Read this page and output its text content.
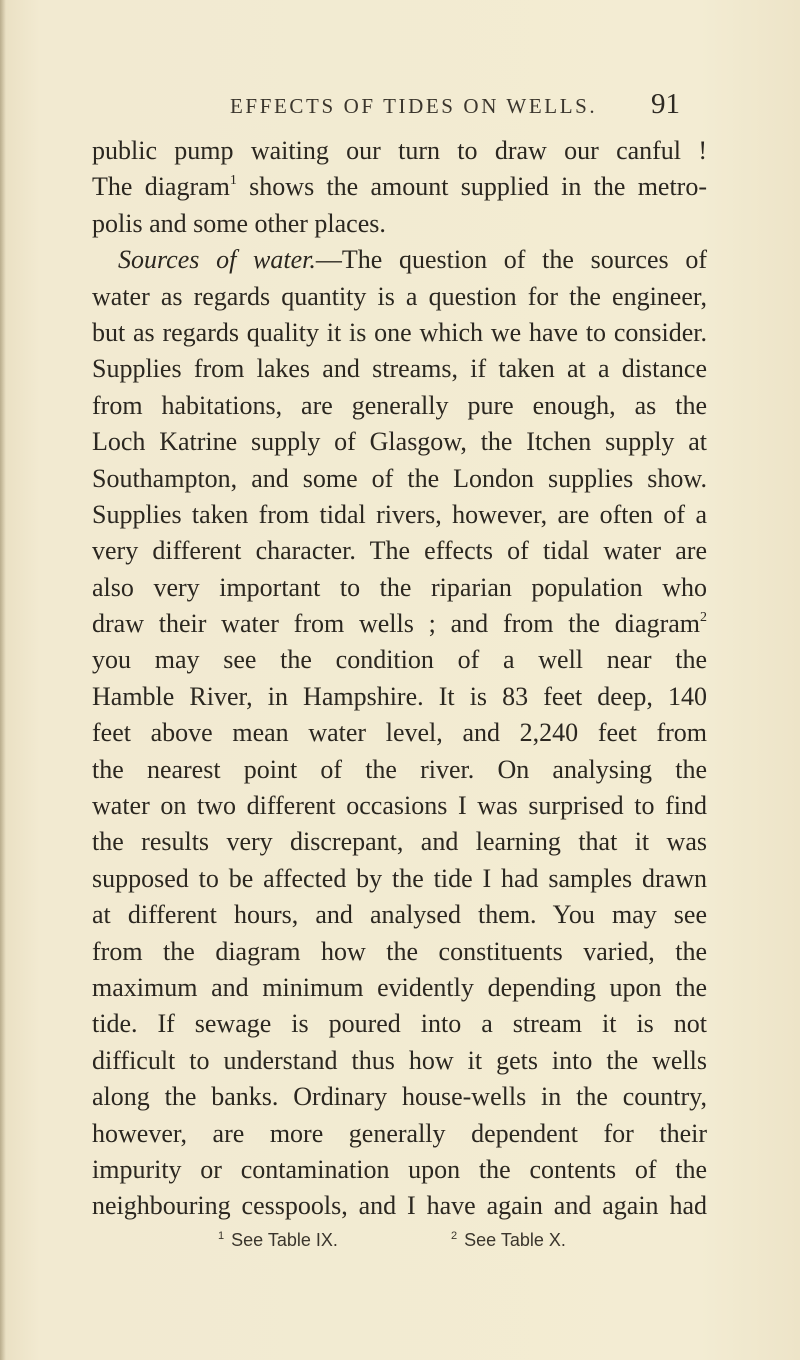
EFFECTS OF TIDES ON WELLS. 91
public pump waiting our turn to draw our canful !
The diagram$^1$ shows the amount supplied in the metro-
polis and some other places.
Sources of water.—The question of the sources of
water as regards quantity is a question for the engineer,
but as regards quality it is one which we have to consider.
Supplies from lakes and streams, if taken at a distance
from habitations, are generally pure enough, as the
Loch Katrine supply of Glasgow, the Itchen supply at
Southampton, and some of the London supplies show.
Supplies taken from tidal rivers, however, are often of a
very different character. The effects of tidal water are
also very important to the riparian population who
draw their water from wells ; and from the diagram$^2$
you may see the condition of a well near the
Hamble River, in Hampshire. It is 83 feet deep, 140
feet above mean water level, and 2,240 feet from
the nearest point of the river. On analysing the
water on two different occasions I was surprised to find
the results very discrepant, and learning that it was
supposed to be affected by the tide I had samples drawn
at different hours, and analysed them. You may see
from the diagram how the constituents varied, the
maximum and minimum evidently depending upon the
tide. If sewage is poured into a stream it is not
difficult to understand thus how it gets into the wells
along the banks. Ordinary house-wells in the country,
however, are more generally dependent for their
impurity or contamination upon the contents of the
neighbouring cesspools, and I have again and again had
$^1$ See Table IX.	$^2$ See Table X.
